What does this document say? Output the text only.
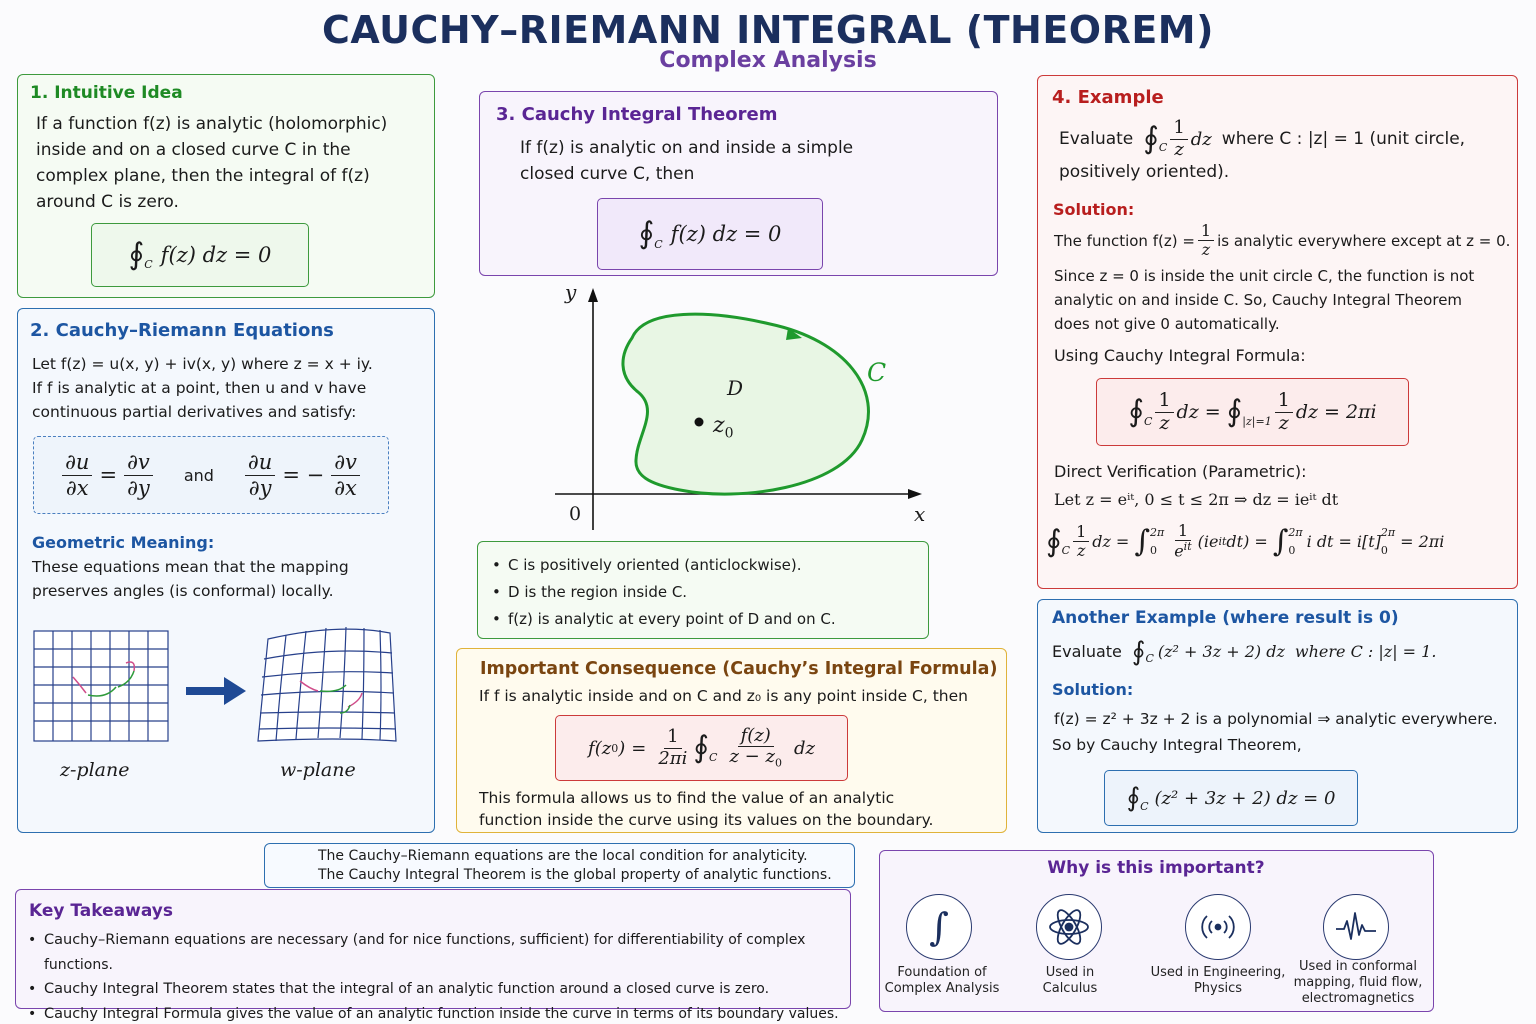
CAUCHY–RIEMANN INTEGRAL (THEOREM)
Complex Analysis
1. Intuitive Idea
If a function f(z) is analytic (holomorphic) inside and on a closed curve C in the complex plane, then the integral of f(z) around C is zero.
$∮_C$ f(z) dz = 0
2. Cauchy–Riemann Equations
Let f(z) = u(x, y) + iv(x, y) where z = x + iy.
If f is analytic at a point, then u and v have
continuous partial derivatives and satisfy:
$\frac{\partial u}{\partial x} = \frac{\partial v}{\partial y}$ and $\frac{\partial u}{\partial y}$ = − $\frac{\partial v}{\partial x}$
Geometric Meaning:
These equations mean that the mapping preserves angles (is conformal) locally.
z-plane	w-plane
3. Cauchy Integral Theorem
If f(z) is analytic on and inside a simple closed curve C, then
$∮_C$ f(z) dz = 0
y
x
0
C
D
$z_0$
• C is positively oriented (anticlockwise).
• D is the region inside C.
• f(z) is analytic at every point of D and on C.
Important Consequence (Cauchy’s Integral Formula)
If f is analytic inside and on C and z₀ is any point inside C, then
f(z 0 ) = $\frac{1}{2\pi i}$ $∮_C \frac{f(z)}{z - z_0}$ dz
This formula allows us to find the value of an analytic function inside the curve using its values on the boundary.
4. Example
Evaluate $∮_C \frac{1}{z}$ dz where C : |z| = 1 (unit circle,
positively oriented).
Solution:
The function $f(z) = \frac{1}{z}$ is analytic everywhere except at z = 0.
Since z = 0 is inside the unit circle C, the function is not analytic on and inside C. So, Cauchy Integral Theorem does not give 0 automatically.
Using Cauchy Integral Formula:
$∮_C \frac{1}{z}$ dz = $∮_{|z|=1} \frac{1}{z}$ dz = 2πi
Direct Verification (Parametric):
Let z = eⁱᵗ, 0 ≤ t ≤ 2π ⇒ dz = ieⁱᵗ dt
$∮_C \frac{1}{z}$ dz = ∫ 2π
$0 \frac{1}{e^{it}} (ie$ it dt) = ∫ 2π
0 i dt = i[t] 2π
0 = 2πi
Another Example (where result is 0)
Evaluate $∮_C$ (z² + 3z + 2) dz where C : |z| = 1.
Solution:
f(z) = z² + 3z + 2 is a polynomial ⇒ analytic everywhere.
So by Cauchy Integral Theorem,
$∮_C$ (z² + 3z + 2) dz = 0
The Cauchy–Riemann equations are the local condition for analyticity.
The Cauchy Integral Theorem is the global property of analytic functions.
Key Takeaways
• Cauchy–Riemann equations are necessary (and for nice functions, sufficient) for differentiability of complex functions.
• Cauchy Integral Theorem states that the integral of an analytic function around a closed curve is zero.
• Cauchy Integral Formula gives the value of an analytic function inside the curve in terms of its boundary values.
Why is this important?
∫
Foundation of
Complex Analysis
Used in
Calculus
Used in Engineering,
Physics
Used in conformal
mapping, fluid flow,
electromagnetics
